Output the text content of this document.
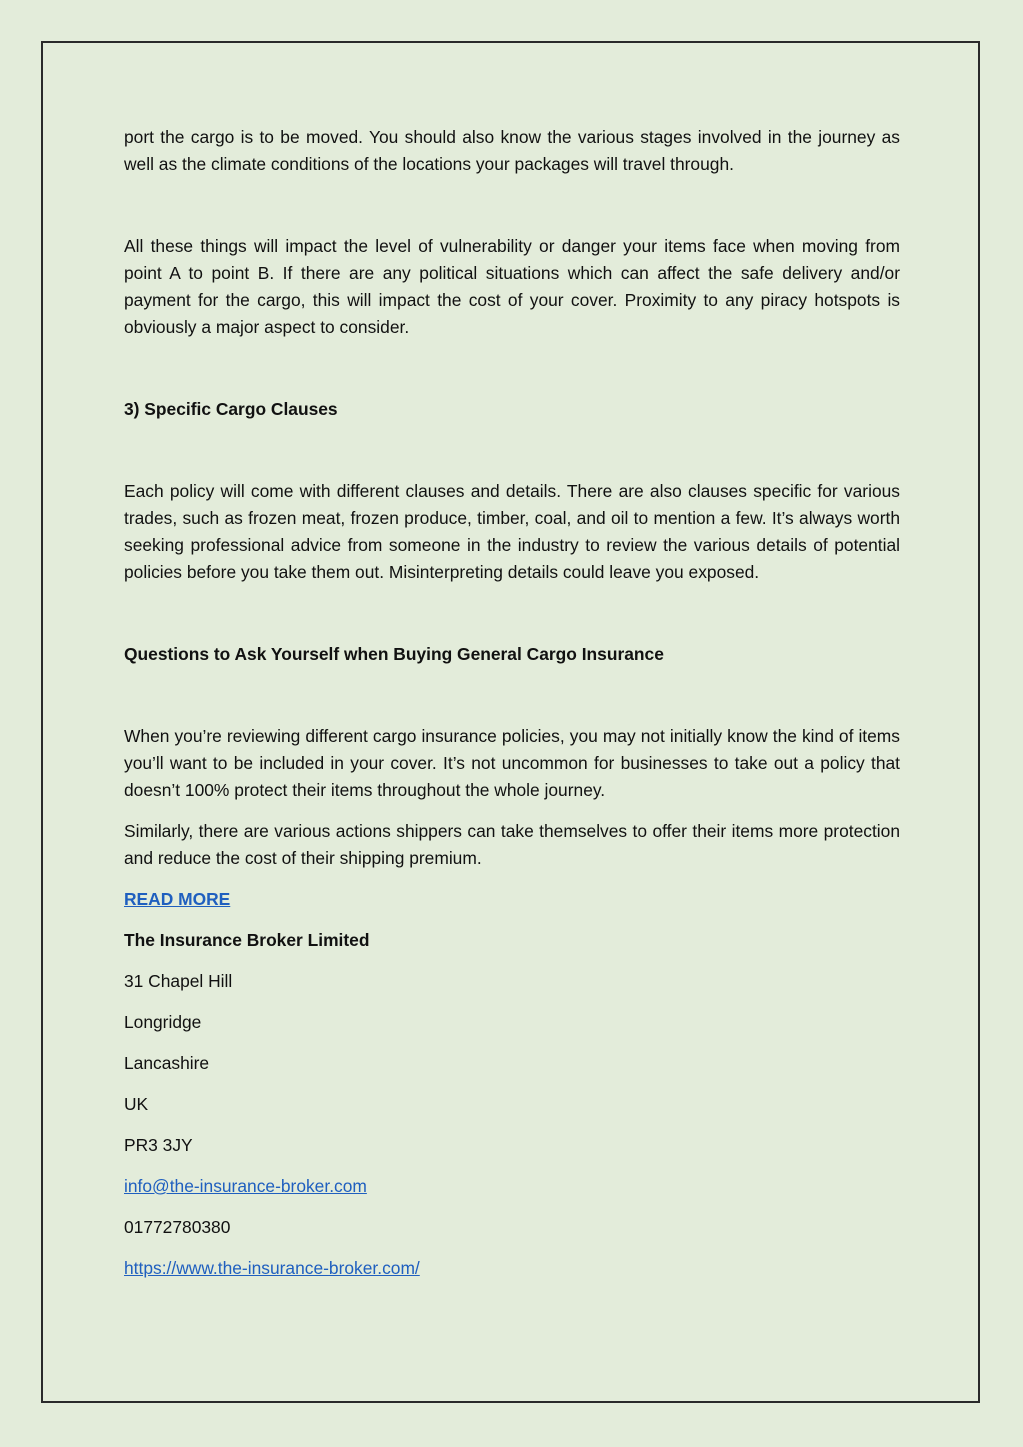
port the cargo is to be moved. You should also know the various stages involved in the journey as well as the climate conditions of the locations your packages will travel through.

All these things will impact the level of vulnerability or danger your items face when moving from point A to point B. If there are any political situations which can affect the safe delivery and/or payment for the cargo, this will impact the cost of your cover. Proximity to any piracy hotspots is obviously a major aspect to consider.

3) Specific Cargo Clauses

Each policy will come with different clauses and details. There are also clauses specific for various trades, such as frozen meat, frozen produce, timber, coal, and oil to mention a few. It’s always worth seeking professional advice from someone in the industry to review the various details of potential policies before you take them out. Misinterpreting details could leave you exposed.

Questions to Ask Yourself when Buying General Cargo Insurance

When you’re reviewing different cargo insurance policies, you may not initially know the kind of items you’ll want to be included in your cover. It’s not uncommon for businesses to take out a policy that doesn’t 100% protect their items throughout the whole journey.

Similarly, there are various actions shippers can take themselves to offer their items more protection and reduce the cost of their shipping premium.

READ MORE

The Insurance Broker Limited

31 Chapel Hill

Longridge

Lancashire

UK

PR3 3JY

info@the-insurance-broker.com

01772780380

https://www.the-insurance-broker.com/
